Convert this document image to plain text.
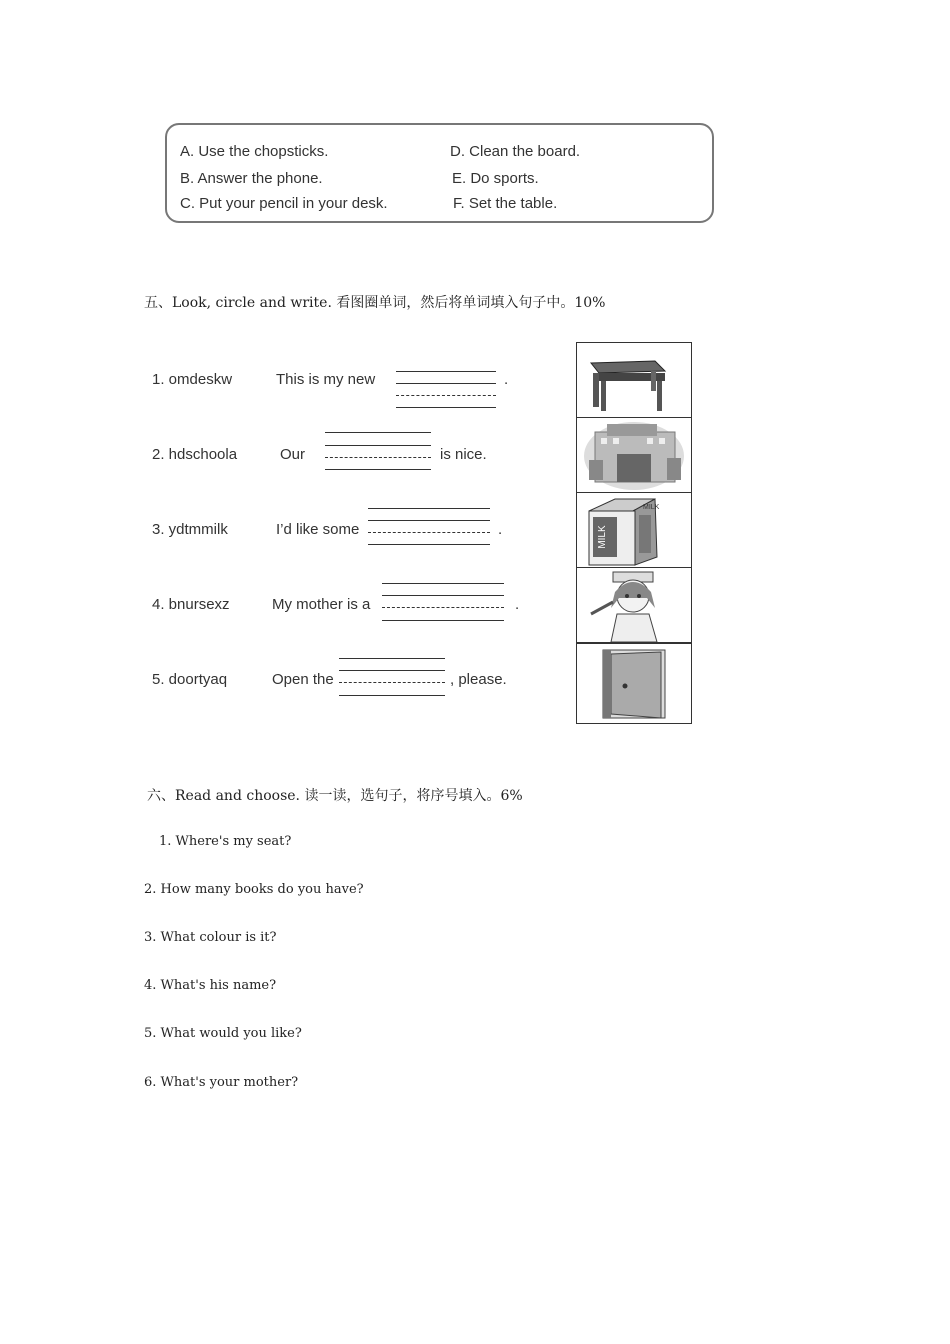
A. Use the chopsticks.
B. Answer the phone.
C. Put your pencil in your desk.
D. Clean the board.
E. Do sports.
F. Set the table.
五、Look, circle and write. 看图圈单词，然后将单词填入句子中。10%
1. omdeskw	This is my new	.
2. hdschoola	Our	is nice.
3. ydtmmilk	I’d like some	.
4. bnursexz	My mother is a	.
5. doortyaq	Open the	, please.
MILK
MILK
六、Read and choose. 读一读，选句子，将序号填入。6%
1. Where's my seat?
2. How many books do you have?
3. What colour is it?
4. What's his name?
5. What would you like?
6. What's your mother?
